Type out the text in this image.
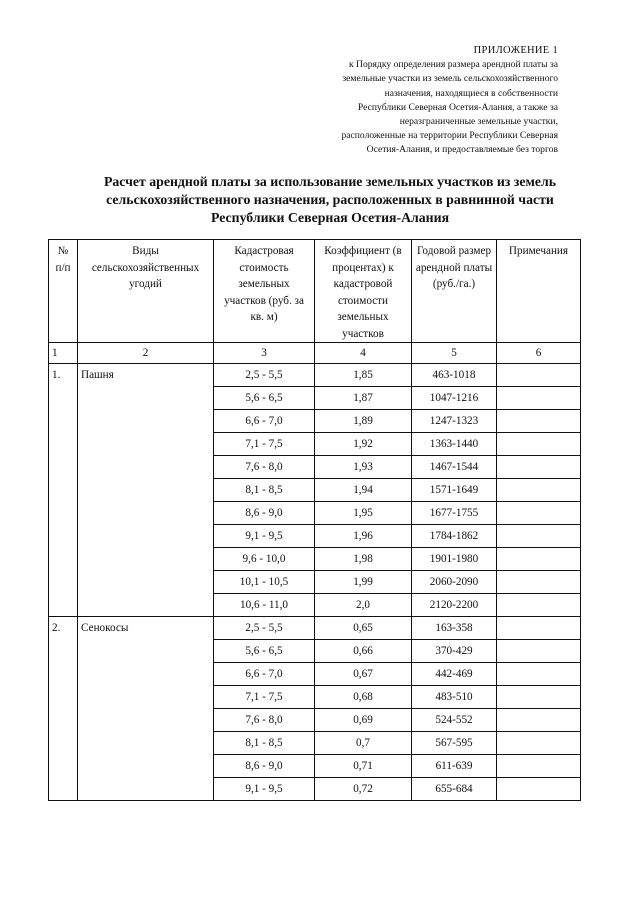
ПРИЛОЖЕНИЕ 1
к Порядку определения размера арендной платы за
земельные участки из земель сельскохозяйственного
назначения, находящиеся в собственности
Республики Северная Осетия-Алания, а также за
неразграниченные земельные участки,
расположенные на территории Республики Северная
Осетия-Алания, и предоставляемые без торгов
Расчет арендной платы за использование земельных участков из земель
сельскохозяйственного назначения, расположенных в равнинной части
Республики Северная Осетия-Алания
№ п/п	Виды сельскохозяйственных угодий	Кадастровая стоимость земельных участков (руб. за кв. м)	Коэффициент (в процентах) к кадастровой стоимости земельных участков	Годовой размер арендной платы (руб./га.)	Примечания
1	2	3	4	5	6
1.	Пашня	2,5 - 5,5	1,85	463-1018	
		5,6 - 6,5	1,87	1047-1216	
		6,6 - 7,0	1,89	1247-1323	
		7,1 - 7,5	1,92	1363-1440	
		7,6 - 8,0	1,93	1467-1544	
		8,1 - 8,5	1,94	1571-1649	
		8,6 - 9,0	1,95	1677-1755	
		9,1 - 9,5	1,96	1784-1862	
		9,6 - 10,0	1,98	1901-1980	
		10,1 - 10,5	1,99	2060-2090	
		10,6 - 11,0	2,0	2120-2200	
2.	Сенокосы	2,5 - 5,5	0,65	163-358	
		5,6 - 6,5	0,66	370-429	
		6,6 - 7,0	0,67	442-469	
		7,1 - 7,5	0,68	483-510	
		7,6 - 8,0	0,69	524-552	
		8,1 - 8,5	0,7	567-595	
		8,6 - 9,0	0,71	611-639	
		9,1 - 9,5	0,72	655-684	
